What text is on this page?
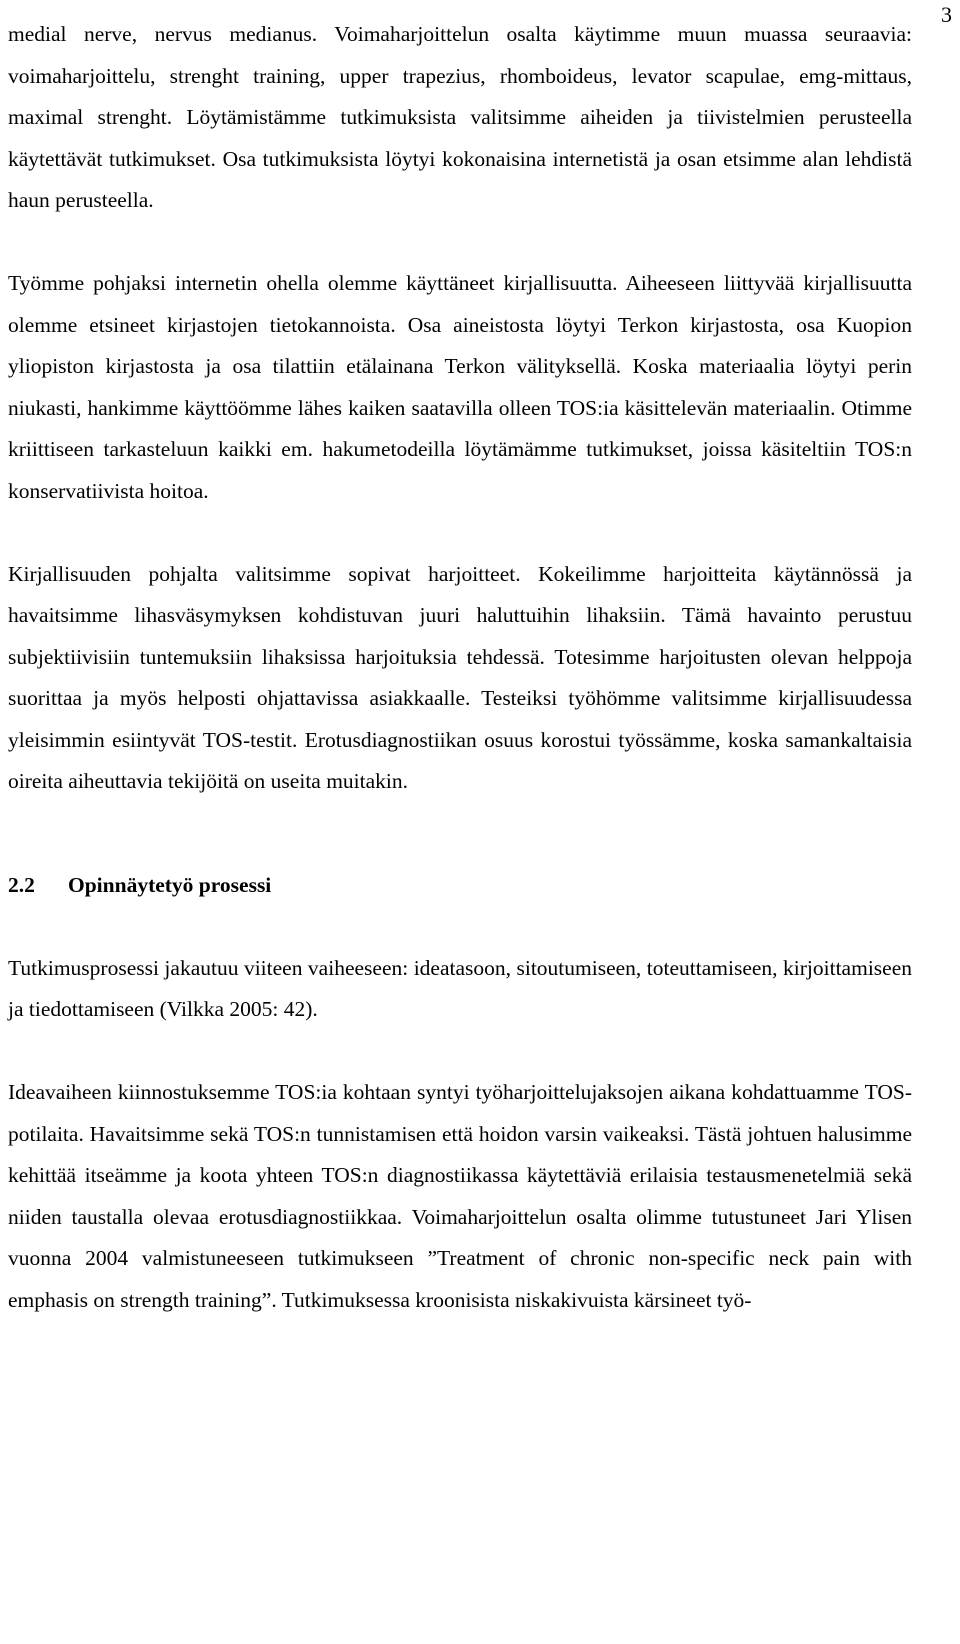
3

medial nerve, nervus medianus. Voimaharjoittelun osalta käytimme muun muassa seuraavia: voimaharjoittelu, strenght training, upper trapezius, rhomboideus, levator scapulae, emg-mittaus, maximal strenght. Löytämistämme tutkimuksista valitsimme aiheiden ja tiivistelmien perusteella käytettävät tutkimukset. Osa tutkimuksista löytyi kokonaisina internetistä ja osan etsimme alan lehdistä haun perusteella.

Työmme pohjaksi internetin ohella olemme käyttäneet kirjallisuutta. Aiheeseen liittyvää kirjallisuutta olemme etsineet kirjastojen tietokannoista. Osa aineistosta löytyi Terkon kirjastosta, osa Kuopion yliopiston kirjastosta ja osa tilattiin etälainana Terkon välityksellä. Koska materiaalia löytyi perin niukasti, hankimme käyttöömme lähes kaiken saatavilla olleen TOS:ia käsittelevän materiaalin. Otimme kriittiseen tarkasteluun kaikki em. hakumetodeilla löytämämme tutkimukset, joissa käsiteltiin TOS:n konservatiivista hoitoa.

Kirjallisuuden pohjalta valitsimme sopivat harjoitteet. Kokeilimme harjoitteita käytännössä ja havaitsimme lihasväsymyksen kohdistuvan juuri haluttuihin lihaksiin. Tämä havainto perustuu subjektiivisiin tuntemuksiin lihaksissa harjoituksia tehdessä. Totesimme harjoitusten olevan helppoja suorittaa ja myös helposti ohjattavissa asiakkaalle. Testeiksi työhömme valitsimme kirjallisuudessa yleisimmin esiintyvät TOS-testit. Erotusdiagnostiikan osuus korostui työssämme, koska samankaltaisia oireita aiheuttavia tekijöitä on useita muitakin.

2.2 Opinnäytetyö prosessi

Tutkimusprosessi jakautuu viiteen vaiheeseen: ideatasoon, sitoutumiseen, toteuttamiseen, kirjoittamiseen ja tiedottamiseen (Vilkka 2005: 42).

Ideavaiheen kiinnostuksemme TOS:ia kohtaan syntyi työharjoittelujaksojen aikana kohdattuamme TOS-potilaita. Havaitsimme sekä TOS:n tunnistamisen että hoidon varsin vaikeaksi. Tästä johtuen halusimme kehittää itseämme ja koota yhteen TOS:n diagnostiikassa käytettäviä erilaisia testausmenetelmiä sekä niiden taustalla olevaa erotusdiagnostiikkaa. Voimaharjoittelun osalta olimme tutustuneet Jari Ylisen vuonna 2004 valmistuneeseen tutkimukseen ”Treatment of chronic non-specific neck pain with emphasis on strength training”. Tutkimuksessa kroonisista niskakivuista kärsineet työ-
